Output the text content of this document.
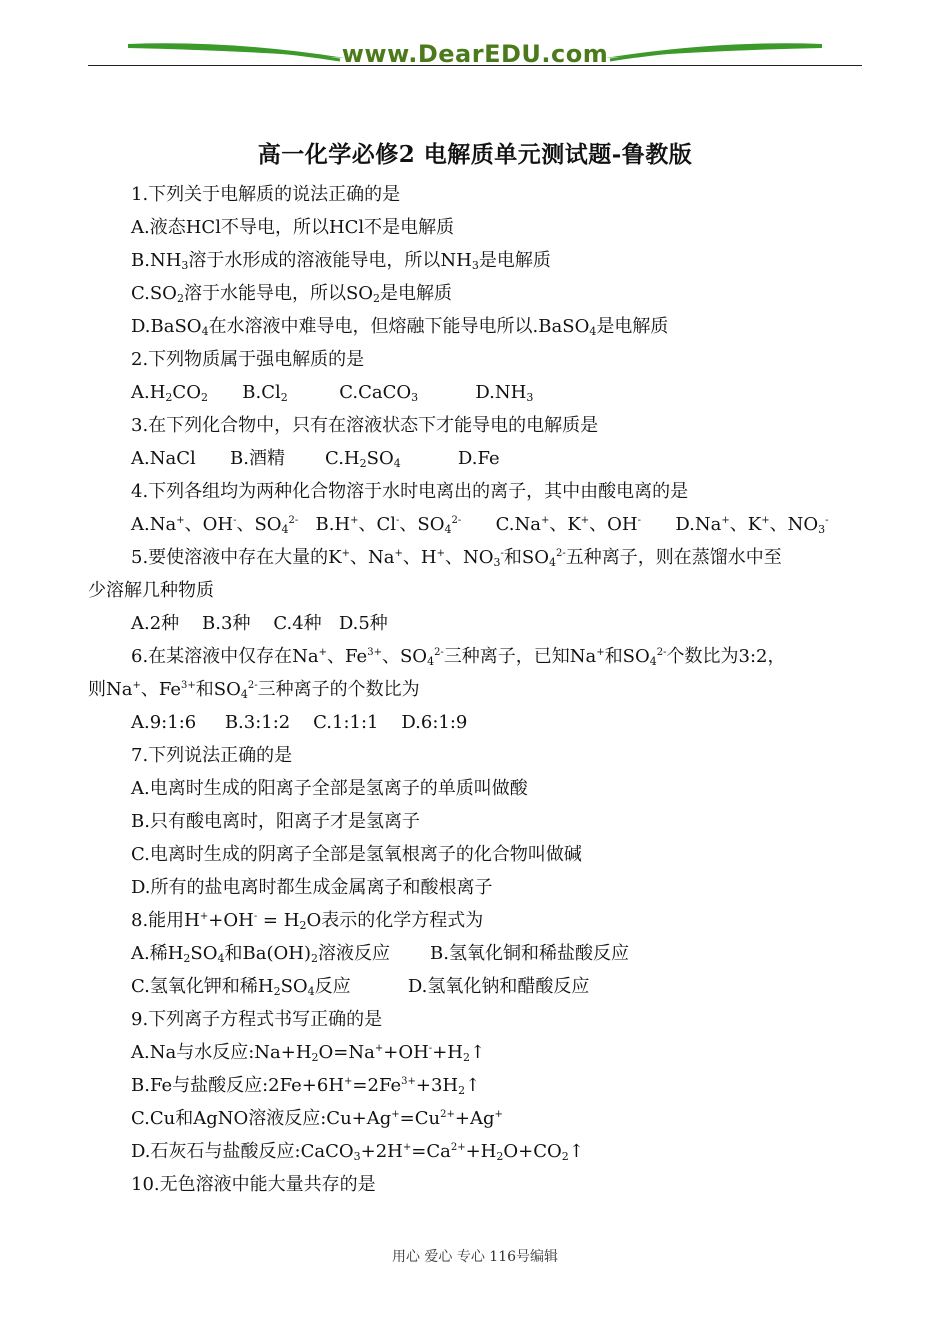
www.DearEDU.com
高一化学必修2 电解质单元测试题-鲁教版
1.下列关于电解质的说法正确的是
A.液态HCl不导电，所以HCl不是电解质
$B.NH_3$溶于水形成的溶液能导电，所以$NH_3$是电解质
$C.SO_2$溶于水能导电，所以$SO_2$是电解质
D.BaSO$_4$在水溶液中难导电，但熔融下能导电所以.BaSO$_4$是电解质
2.下列物质属于强电解质的是
$A.H_2CO_2$      $B.Cl_2$         C.CaCO$_3$          $D.NH_3$
3.在下列化合物中，只有在溶液状态下才能导电的电解质是
A.NaCl      B.酒精       $C.H_2SO_4$          D.Fe
4.下列各组均为两种化合物溶于水时电离出的离子，其中由酸电离的是
A.Na+、OH-、$SO_4^{2-}$   B.H+、Cl-、$SO_4^{2-}$      C.Na+、K+、OH-      D.Na+、K+、$NO_3^-$
5.要使溶液中存在大量的K+、Na+、H+、$NO_3^-$和$SO_4^{2-}$五种离子，则在蒸馏水中至
少溶解几种物质
A.2种    B.3种    C.4种   D.5种
6.在某溶液中仅存在Na+、$Fe^{3+}$、$SO_4^{2-}$三种离子，已知Na+和$SO_4^{2-}$个数比为3:2，
则Na+、$Fe^{3+}$和$SO_4^{2-}$三种离子的个数比为
A.9:1:6     B.3:1:2    C.1:1:1    D.6:1:9
7.下列说法正确的是
A.电离时生成的阳离子全部是氢离子的单质叫做酸
B.只有酸电离时，阳离子才是氢离子
C.电离时生成的阴离子全部是氢氧根离子的化合物叫做碱
D.所有的盐电离时都生成金属离子和酸根离子
8.能用$H^++OH^- = H_2O$表示的化学方程式为
A.稀$H_2SO_4$和$Ba(OH)_2$溶液反应       B.氢氧化铜和稀盐酸反应
C.氢氧化钾和稀$H_2SO_4$反应          D.氢氧化钠和醋酸反应
9.下列离子方程式书写正确的是
A.Na与水反应$:Na+H_2O=Na^++OH^-+H_2↑$
B.Fe与盐酸反应$:2Fe+6H^+=2Fe^{3+}+3H_2↑$
C.Cu和AgNO溶液反应$:Cu+Ag^+=Cu^{2+}+Ag^+$
D.石灰石与盐酸反应$:CaCO_3+2H^+=Ca^{2+}+H_2O+CO_2↑$
10.无色溶液中能大量共存的是
用心 爱心 专心 116号编辑
